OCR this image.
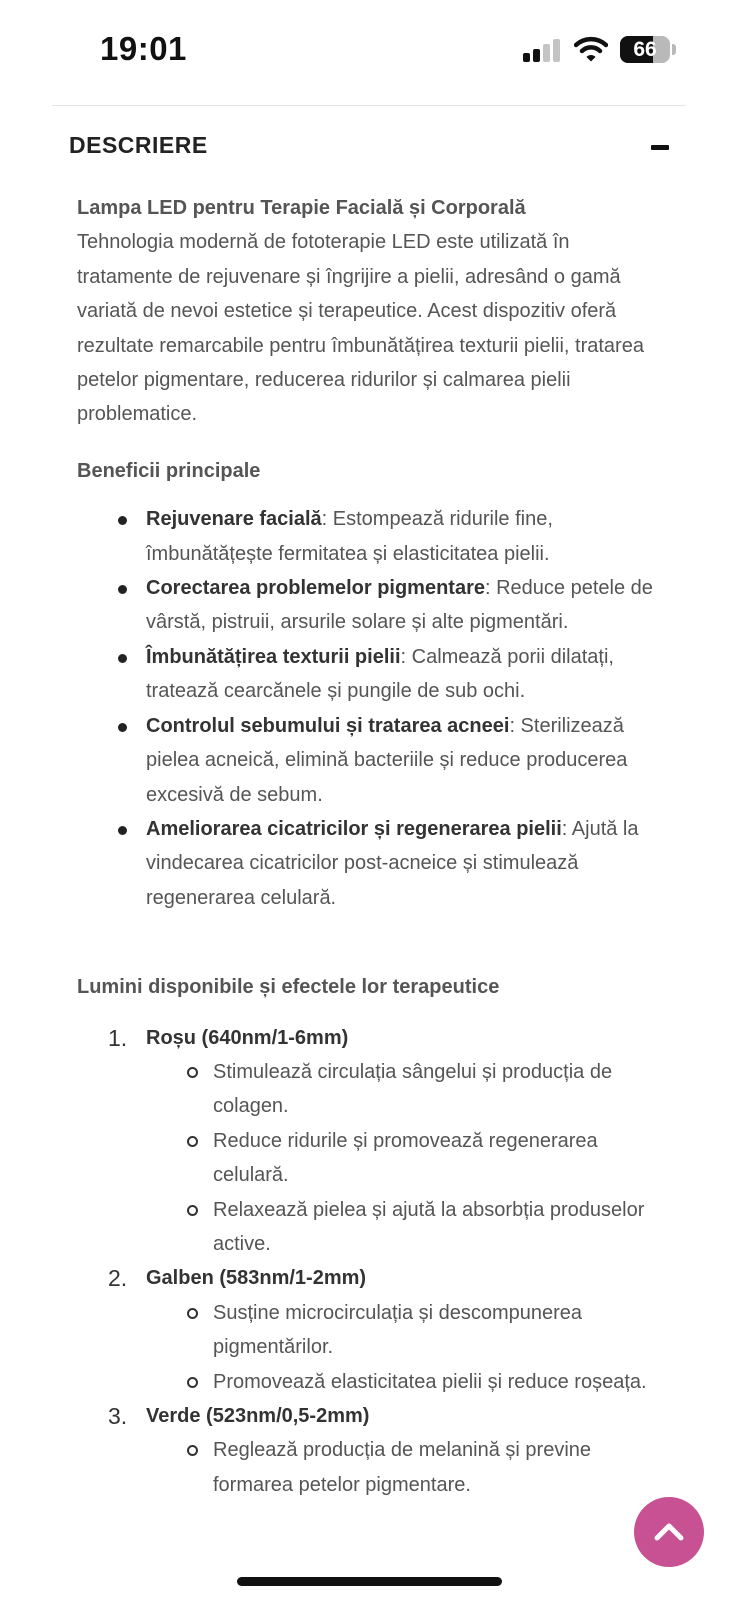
19:01	66
DESCRIERE

Lampa LED pentru Terapie Facială și Corporală

Tehnologia modernă de fototerapie LED este utilizată în tratamente de rejuvenare și îngrijire a pielii, adresând o gamă variată de nevoi estetice și terapeutice. Acest dispozitiv oferă rezultate remarcabile pentru îmbunătățirea texturii pielii, tratarea petelor pigmentare, reducerea ridurilor și calmarea pielii problematice.

Beneficii principale

Rejuvenare facială: Estompează ridurile fine, îmbunătățește fermitatea și elasticitatea pielii.
Corectarea problemelor pigmentare: Reduce petele de vârstă, pistruii, arsurile solare și alte pigmentări.
Îmbunătățirea texturii pielii: Calmează porii dilatați, tratează cearcănele și pungile de sub ochi.
Controlul sebumului și tratarea acneei: Sterilizează pielea acneică, elimină bacteriile și reduce producerea excesivă de sebum.
Ameliorarea cicatricilor și regenerarea pielii: Ajută la vindecarea cicatricilor post-acneice și stimulează regenerarea celulară.

Lumini disponibile și efectele lor terapeutice

1. Roșu (640nm/1-6mm)
Stimulează circulația sângelui și producția de colagen.
Reduce ridurile și promovează regenerarea celulară.
Relaxează pielea și ajută la absorbția produselor active.
2. Galben (583nm/1-2mm)
Susține microcirculația și descompunerea pigmentărilor.
Promovează elasticitatea pielii și reduce roșeața.
3. Verde (523nm/0,5-2mm)
Reglează producția de melanină și previne formarea petelor pigmentare.
